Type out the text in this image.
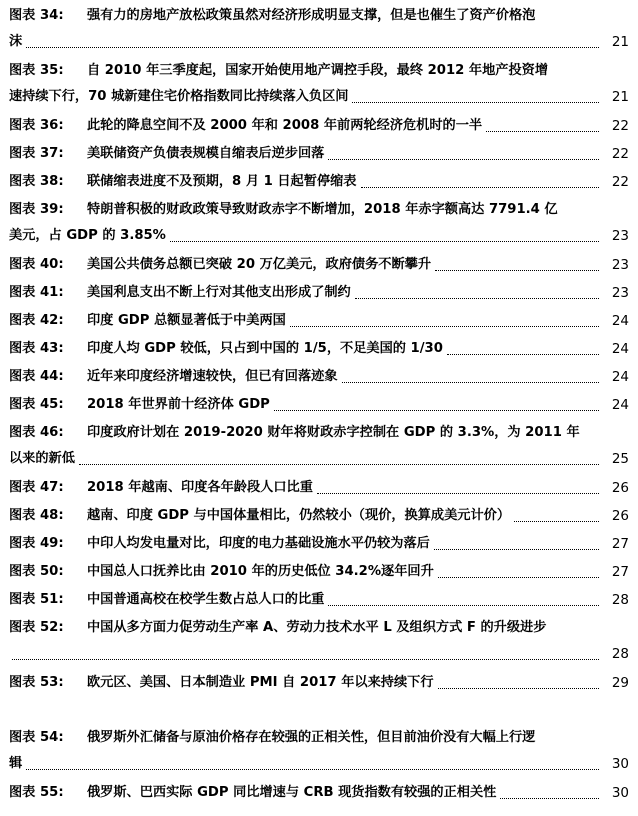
图表 34: 强有力的房地产放松政策虽然对经济形成明显支撑，但是也催生了资产价格泡
沫	21
图表 35: 自 2010 年三季度起，国家开始使用地产调控手段，最终 2012 年地产投资增
速持续下行，70 城新建住宅价格指数同比持续落入负区间	21
图表 36: 此轮的降息空间不及 2000 年和 2008 年前两轮经济危机时的一半	22
图表 37: 美联储资产负债表规模自缩表后逆步回落	22
图表 38: 联储缩表进度不及预期，8 月 1 日起暂停缩表	22
图表 39: 特朗普积极的财政政策导致财政赤字不断增加，2018 年赤字额高达 7791.4 亿
美元，占 GDP 的 3.85%	23
图表 40: 美国公共债务总额已突破 20 万亿美元，政府债务不断攀升	23
图表 41: 美国利息支出不断上行对其他支出形成了制约	23
图表 42: 印度 GDP 总额显著低于中美两国	24
图表 43: 印度人均 GDP 较低，只占到中国的 1/5，不足美国的 1/30	24
图表 44: 近年来印度经济增速较快，但已有回落迹象	24
图表 45: 2018 年世界前十经济体 GDP	24
图表 46: 印度政府计划在 2019-2020 财年将财政赤字控制在 GDP 的 3.3%，为 2011 年
以来的新低	25
图表 47: 2018 年越南、印度各年龄段人口比重	26
图表 48: 越南、印度 GDP 与中国体量相比，仍然较小（现价，换算成美元计价）	26
图表 49: 中印人均发电量对比，印度的电力基础设施水平仍较为落后	27
图表 50: 中国总人口抚养比由 2010 年的历史低位 34.2%逐年回升	27
图表 51: 中国普通高校在校学生数占总人口的比重	28
图表 52: 中国从多方面力促劳动生产率 A、劳动力技术水平 L 及组织方式 F 的升级进步
28
图表 53: 欧元区、美国、日本制造业 PMI 自 2017 年以来持续下行	29
图表 54: 俄罗斯外汇储备与原油价格存在较强的正相关性，但目前油价没有大幅上行逻
辑	30
图表 55: 俄罗斯、巴西实际 GDP 同比增速与 CRB 现货指数有较强的正相关性	30
